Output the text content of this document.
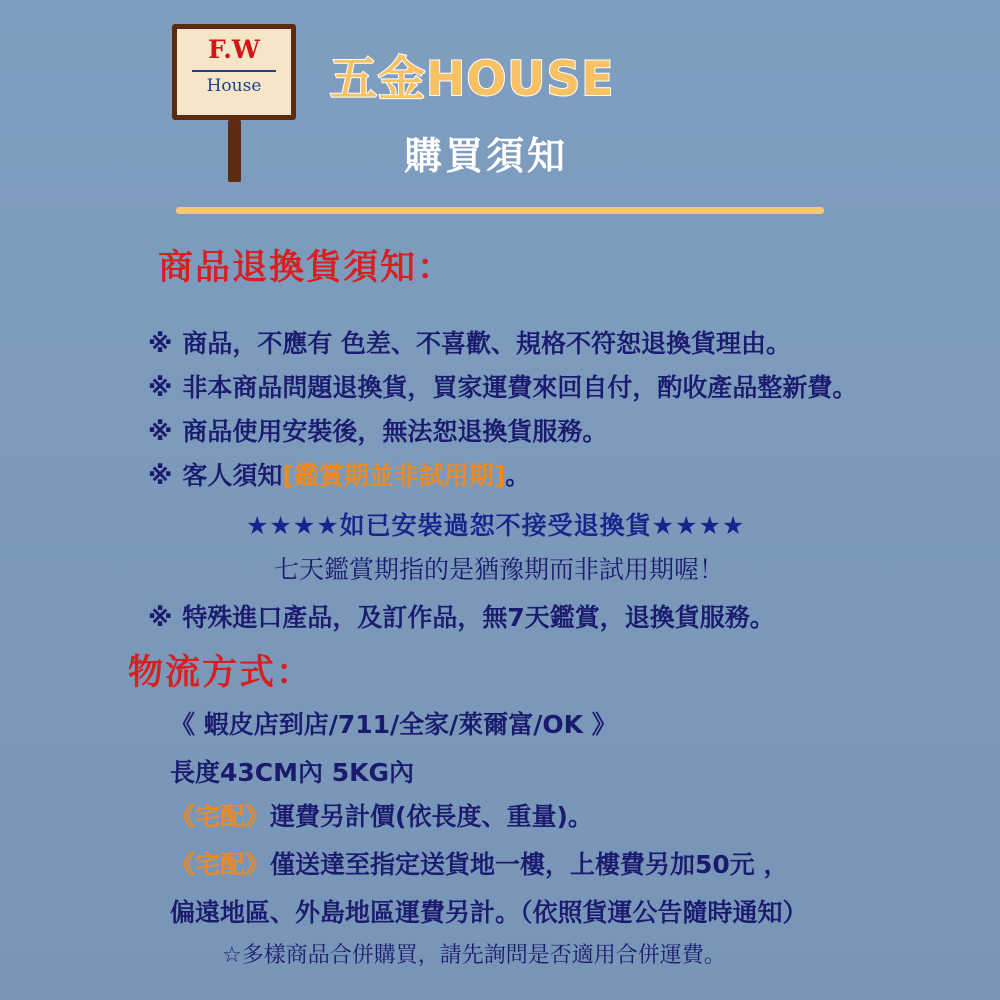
F.W
House 五金HOUSE
購買須知
商品退換貨須知：
※ 商品，不應有 色差、不喜歡、規格不符恕退換貨理由。
※ 非本商品問題退換貨，買家運費來回自付，酌收產品整新費。
※ 商品使用安裝後，無法恕退換貨服務。
※ 客人須知[鑑賞期並非試用期]。
★★★★如已安裝過恕不接受退換貨★★★★
七天鑑賞期指的是猶豫期而非試用期喔！
※ 特殊進口產品，及訂作品，無7天鑑賞，退換貨服務。
物流方式：
《 蝦皮店到店/711/全家/萊爾富/OK 》
長度43CM內 5KG內
《宅配》運費另計價(依長度、重量)。
《宅配》僅送達至指定送貨地一樓，上樓費另加50元 ，
偏遠地區、外島地區運費另計。（依照貨運公告隨時通知）
☆多樣商品合併購買，請先詢問是否適用合併運費。
